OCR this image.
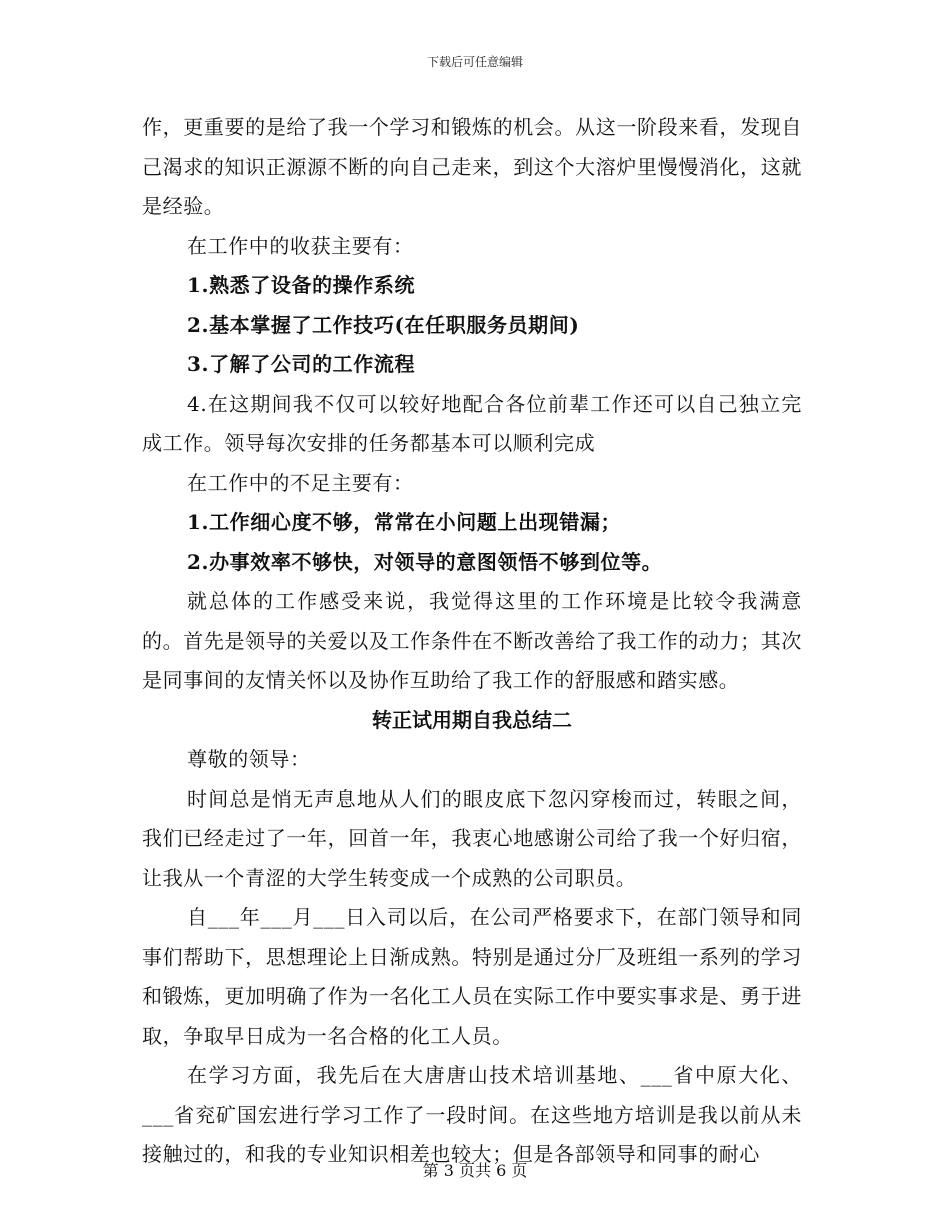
下载后可任意编辑

作，更重要的是给了我一个学习和锻炼的机会。从这一阶段来看，发现自己渴求的知识正源源不断的向自己走来，到这个大溶炉里慢慢消化，这就是经验。

在工作中的收获主要有：

1.熟悉了设备的操作系统

2.基本掌握了工作技巧(在任职服务员期间)

3.了解了公司的工作流程

4.在这期间我不仅可以较好地配合各位前辈工作还可以自己独立完成工作。领导每次安排的任务都基本可以顺利完成

在工作中的不足主要有：

1.工作细心度不够，常常在小问题上出现错漏；

2.办事效率不够快，对领导的意图领悟不够到位等。

就总体的工作感受来说，我觉得这里的工作环境是比较令我满意的。首先是领导的关爱以及工作条件在不断改善给了我工作的动力；其次是同事间的友情关怀以及协作互助给了我工作的舒服感和踏实感。

转正试用期自我总结二

尊敬的领导：

时间总是悄无声息地从人们的眼皮底下忽闪穿梭而过，转眼之间，我们已经走过了一年，回首一年，我衷心地感谢公司给了我一个好归宿，让我从一个青涩的大学生转变成一个成熟的公司职员。

自___年___月___日入司以后，在公司严格要求下，在部门领导和同事们帮助下，思想理论上日渐成熟。特别是通过分厂及班组一系列的学习和锻炼，更加明确了作为一名化工人员在实际工作中要实事求是、勇于进取，争取早日成为一名合格的化工人员。

在学习方面，我先后在大唐唐山技术培训基地、___省中原大化、___省兖矿国宏进行学习工作了一段时间。在这些地方培训是我以前从未接触过的，和我的专业知识相差也较大；但是各部领导和同事的耐心

第 3 页共 6 页
